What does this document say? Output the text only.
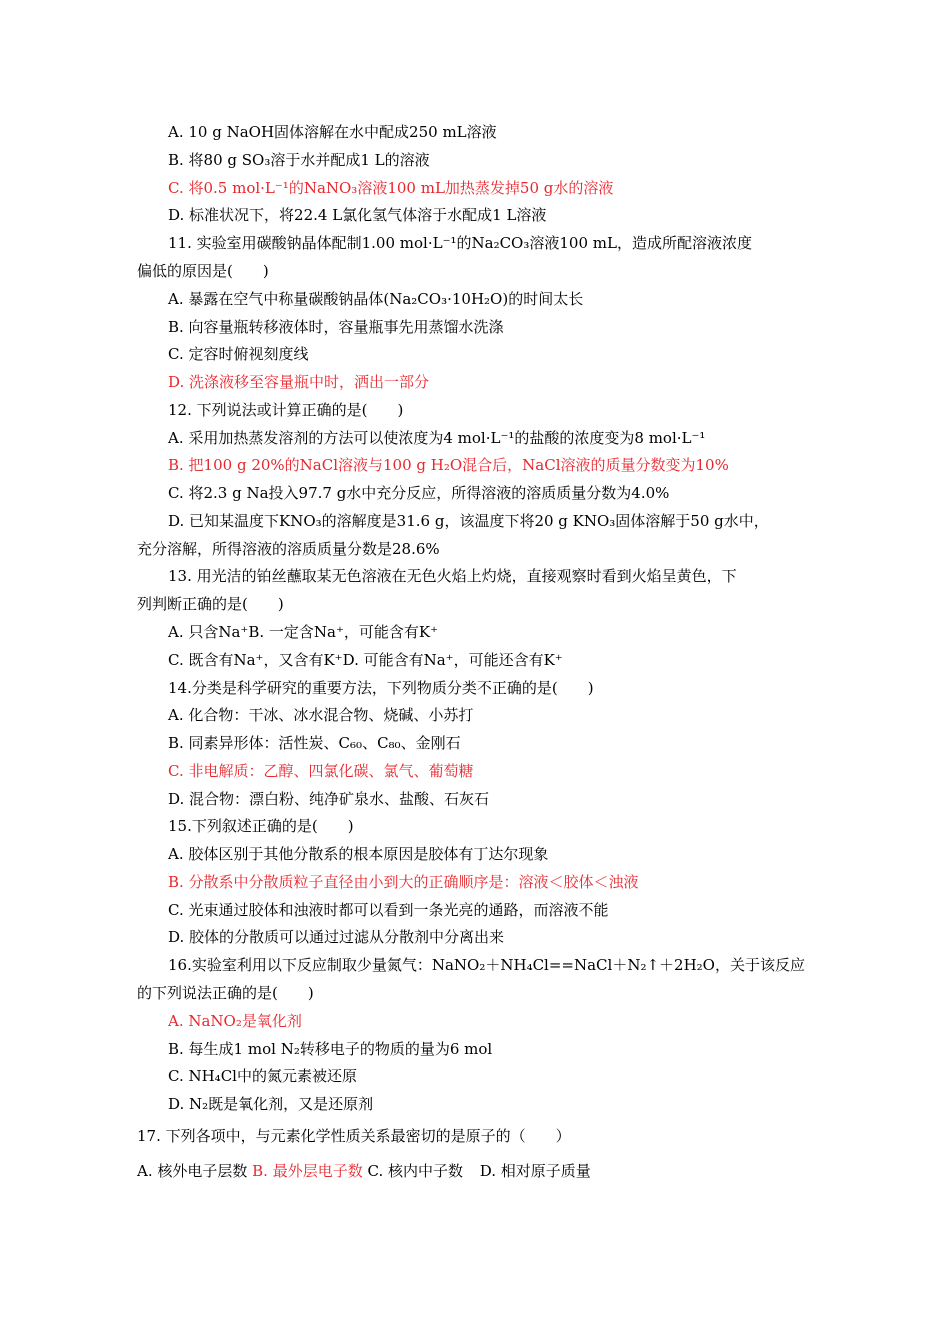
A. 10 g NaOH固体溶解在水中配成250 mL溶液
B. 将80 g SO₃溶于水并配成1 L的溶液
C. 将0.5 mol·L⁻¹的NaNO₃溶液100 mL加热蒸发掉50 g水的溶液
D. 标准状况下，将22.4 L氯化氢气体溶于水配成1 L溶液
11. 实验室用碳酸钠晶体配制1.00 mol·L⁻¹的Na₂CO₃溶液100 mL，造成所配溶液浓度
偏低的原因是(　　)
A. 暴露在空气中称量碳酸钠晶体(Na₂CO₃·10H₂O)的时间太长
B. 向容量瓶转移液体时，容量瓶事先用蒸馏水洗涤
C. 定容时俯视刻度线
D. 洗涤液移至容量瓶中时，洒出一部分
12. 下列说法或计算正确的是(　　)
A. 采用加热蒸发溶剂的方法可以使浓度为4 mol·L⁻¹的盐酸的浓度变为8 mol·L⁻¹
B. 把100 g 20%的NaCl溶液与100 g H₂O混合后，NaCl溶液的质量分数变为10%
C. 将2.3 g Na投入97.7 g水中充分反应，所得溶液的溶质质量分数为4.0%
D. 已知某温度下KNO₃的溶解度是31.6 g，该温度下将20 g KNO₃固体溶解于50 g水中，
充分溶解，所得溶液的溶质质量分数是28.6%
13. 用光洁的铂丝蘸取某无色溶液在无色火焰上灼烧，直接观察时看到火焰呈黄色，下
列判断正确的是(　　)
A. 只含Na⁺B. 一定含Na⁺，可能含有K⁺
C. 既含有Na⁺，又含有K⁺D. 可能含有Na⁺，可能还含有K⁺
14.分类是科学研究的重要方法，下列物质分类不正确的是(　　)
A. 化合物：干冰、冰水混合物、烧碱、小苏打
B. 同素异形体：活性炭、C₆₀、C₈₀、金刚石
C. 非电解质：乙醇、四氯化碳、氯气、葡萄糖
D. 混合物：漂白粉、纯净矿泉水、盐酸、石灰石
15.下列叙述正确的是(　　)
A. 胶体区别于其他分散系的根本原因是胶体有丁达尔现象
B. 分散系中分散质粒子直径由小到大的正确顺序是：溶液＜胶体＜浊液
C. 光束通过胶体和浊液时都可以看到一条光亮的通路，而溶液不能
D. 胶体的分散质可以通过过滤从分散剂中分离出来
16.实验室利用以下反应制取少量氮气：NaNO₂＋NH₄Cl==NaCl＋N₂↑＋2H₂O，关于该反应
的下列说法正确的是(　　)
A. NaNO₂是氧化剂
B. 每生成1 mol N₂转移电子的物质的量为6 mol
C. NH₄Cl中的氮元素被还原
D. N₂既是氧化剂，又是还原剂
17. 下列各项中，与元素化学性质关系最密切的是原子的（　　）
A. 核外电子层数 B. 最外层电子数 C. 核内中子数 D. 相对原子质量
